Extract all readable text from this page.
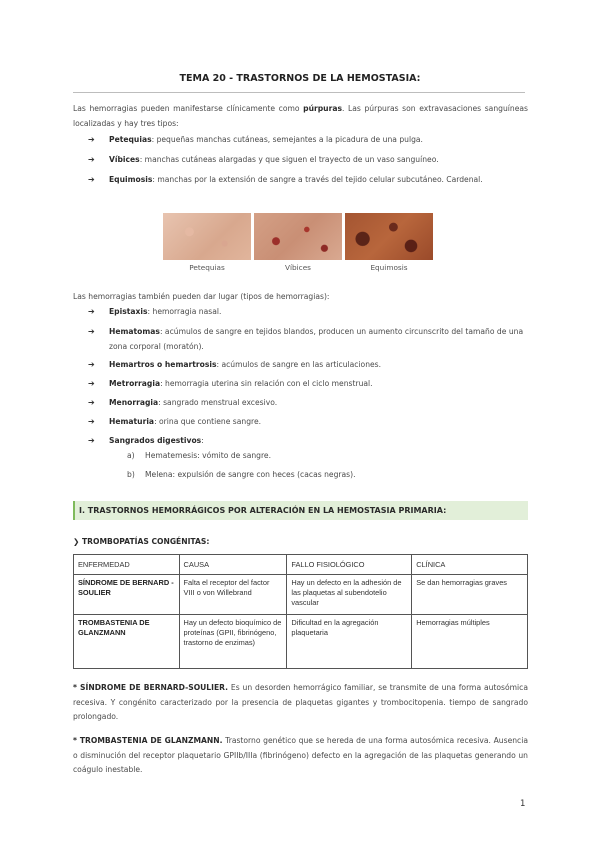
TEMA 20 - TRASTORNOS DE LA HEMOSTASIA:

Las hemorragias pueden manifestarse clínicamente como púrpuras. Las púrpuras son extravasaciones sanguíneas localizadas y hay tres tipos:

➔ Petequias: pequeñas manchas cutáneas, semejantes a la picadura de una pulga.
➔ Víbices: manchas cutáneas alargadas y que siguen el trayecto de un vaso sanguíneo.
➔ Equimosis: manchas por la extensión de sangre a través del tejido celular subcutáneo. Cardenal.
Petequias	Víbices	Equimosis

Las hemorragias también pueden dar lugar (tipos de hemorragias):

➔ Epistaxis: hemorragia nasal.
➔ Hematomas: acúmulos de sangre en tejidos blandos, producen un aumento circunscrito del tamaño de una zona corporal (moratón).
➔ Hemartros o hemartrosis: acúmulos de sangre en las articulaciones.
➔ Metrorragia: hemorragia uterina sin relación con el ciclo menstrual.
➔ Menorragia: sangrado menstrual excesivo.
➔ Hematuria: orina que contiene sangre.
➔ Sangrados digestivos:
a) Hematemesis: vómito de sangre.
b) Melena: expulsión de sangre con heces (cacas negras).
I. TRASTORNOS HEMORRÁGICOS POR ALTERACIÓN EN LA HEMOSTASIA PRIMARIA:
❯ TROMBOPATÍAS CONGÉNITAS:
ENFERMEDAD	CAUSA	FALLO FISIOLÓGICO	CLÍNICA
SÍNDROME DE BERNARD - SOULIER	Falta el receptor del factor VIII o von Willebrand	Hay un defecto en la adhesión de las plaquetas al subendotelio vascular	Se dan hemorragias graves
TROMBASTENIA DE GLANZMANN	Hay un defecto bioquímico de proteínas (GPII, fibrinógeno, trastorno de enzimas)	Dificultad en la agregación plaquetaria	Hemorragias múltiples

* SÍNDROME DE BERNARD-SOULIER. Es un desorden hemorrágico familiar, se transmite de una forma autosómica recesiva. Y congénito caracterizado por la presencia de plaquetas gigantes y trombocitopenia. tiempo de sangrado prolongado.

* TROMBASTENIA DE GLANZMANN. Trastorno genético que se hereda de una forma autosómica recesiva. Ausencia o disminución del receptor plaquetario GPIIb/IIIa (fibrinógeno) defecto en la agregación de las plaquetas generando un coágulo inestable.

1
